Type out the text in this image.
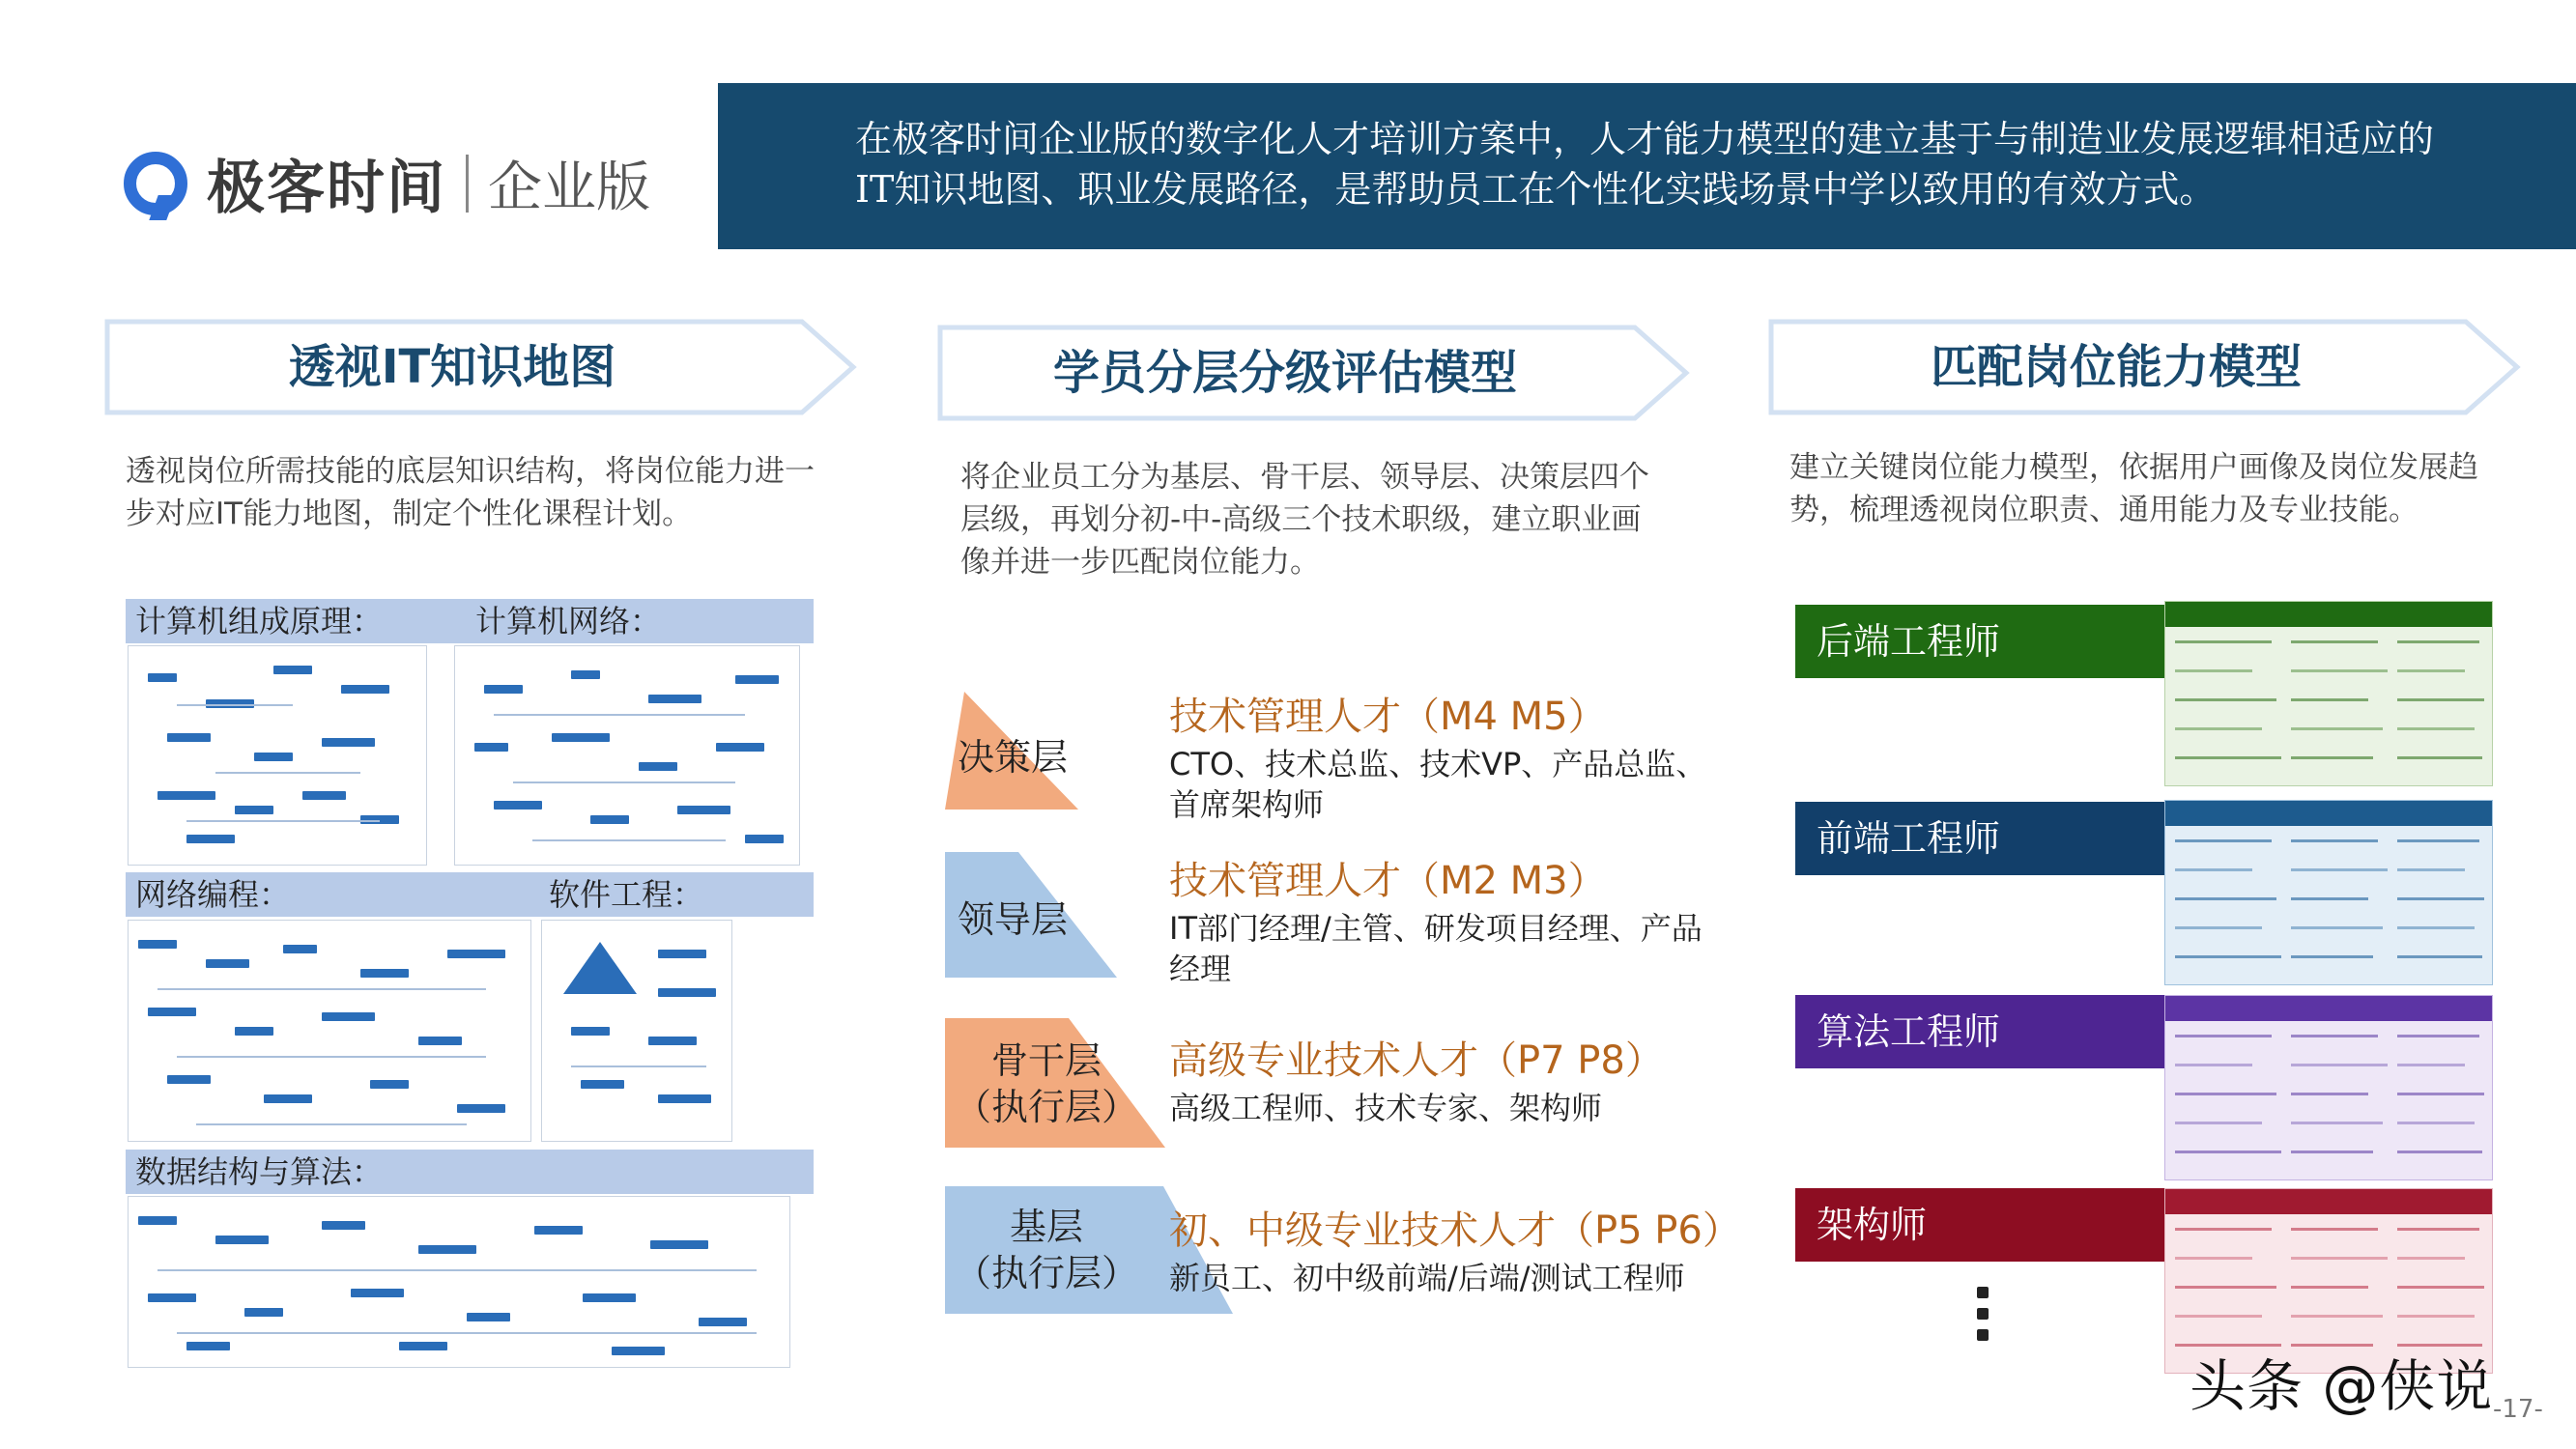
极客时间 企业版
在极客时间企业版的数字化人才培训方案中，人才能力模型的建立基于与制造业发展逻辑相适应的IT知识地图、职业发展路径，是帮助员工在个性化实践场景中学以致用的有效方式。
透视IT知识地图
透视岗位所需技能的底层知识结构，将岗位能力进一步对应IT能力地图，制定个性化课程计划。
计算机组成原理：	计算机网络：
网络编程：	软件工程：
数据结构与算法：
学员分层分级评估模型
将企业员工分为基层、骨干层、领导层、决策层四个层级，再划分初-中-高级三个技术职级，建立职业画像并进一步匹配岗位能力。
决策层
技术管理人才（M4 M5）
CTO、技术总监、技术VP、产品总监、首席架构师
领导层
技术管理人才（M2 M3）
IT部门经理/主管、研发项目经理、产品经理
骨干层
（执行层）
高级专业技术人才（P7 P8）
高级工程师、技术专家、架构师
基层
（执行层）
初、中级专业技术人才（P5 P6）
新员工、初中级前端/后端/测试工程师
匹配岗位能力模型
建立关键岗位能力模型，依据用户画像及岗位发展趋势，梳理透视岗位职责、通用能力及专业技能。
后端工程师
前端工程师
算法工程师
架构师
头条 @侠说 -17-
